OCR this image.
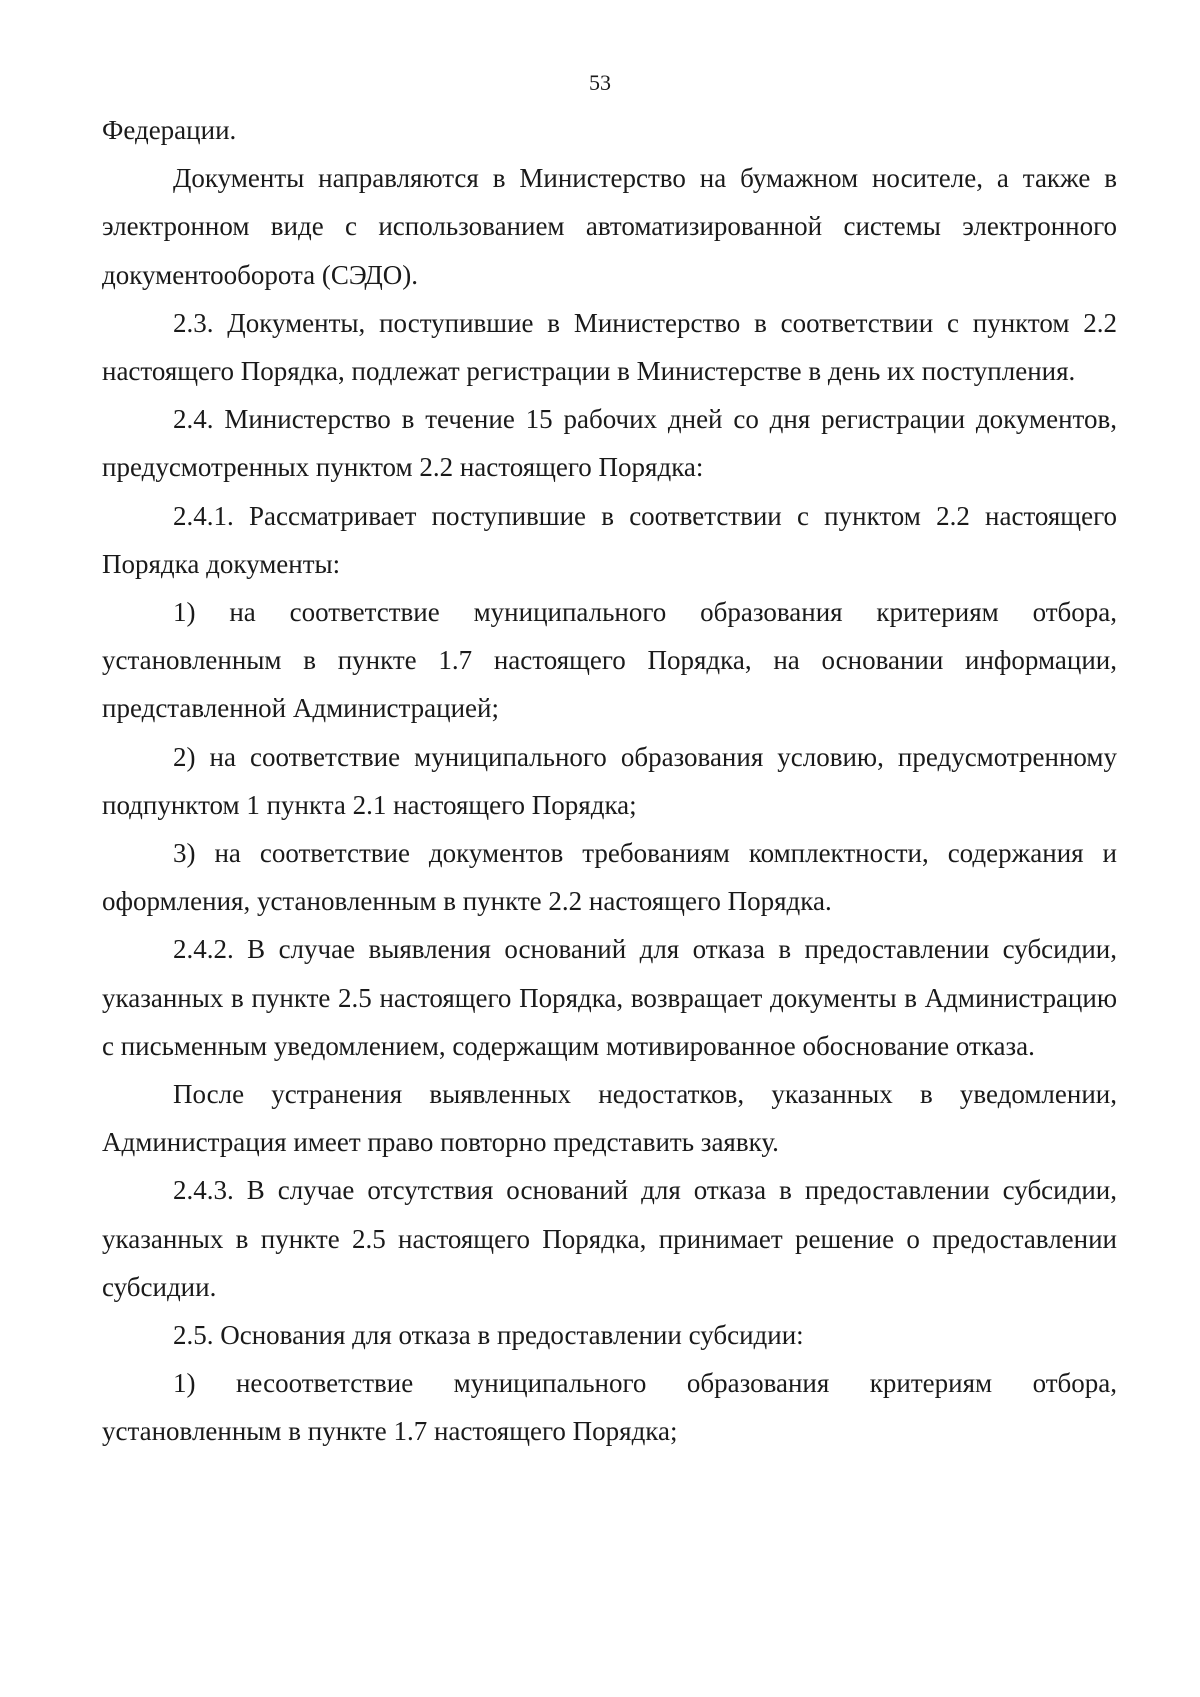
53

Федерации.

Документы направляются в Министерство на бумажном носителе, а также в электронном виде с использованием автоматизированной системы электронного документооборота (СЭДО).

2.3. Документы, поступившие в Министерство в соответствии с пунктом 2.2 настоящего Порядка, подлежат регистрации в Министерстве в день их поступления.

2.4. Министерство в течение 15 рабочих дней со дня регистрации документов, предусмотренных пунктом 2.2 настоящего Порядка:

2.4.1. Рассматривает поступившие в соответствии с пунктом 2.2 настоящего Порядка документы:

1) на соответствие муниципального образования критериям отбора, установленным в пункте 1.7 настоящего Порядка, на основании информации, представленной Администрацией;

2) на соответствие муниципального образования условию, предусмотренному подпунктом 1 пункта 2.1 настоящего Порядка;

3) на соответствие документов требованиям комплектности, содержания и оформления, установленным в пункте 2.2 настоящего Порядка.

2.4.2. В случае выявления оснований для отказа в предоставлении субсидии, указанных в пункте 2.5 настоящего Порядка, возвращает документы в Администрацию с письменным уведомлением, содержащим мотивированное обоснование отказа.

После устранения выявленных недостатков, указанных в уведомлении, Администрация имеет право повторно представить заявку.

2.4.3. В случае отсутствия оснований для отказа в предоставлении субсидии, указанных в пункте 2.5 настоящего Порядка, принимает решение о предоставлении субсидии.

2.5. Основания для отказа в предоставлении субсидии:

1) несоответствие муниципального образования критериям отбора, установленным в пункте 1.7 настоящего Порядка;
